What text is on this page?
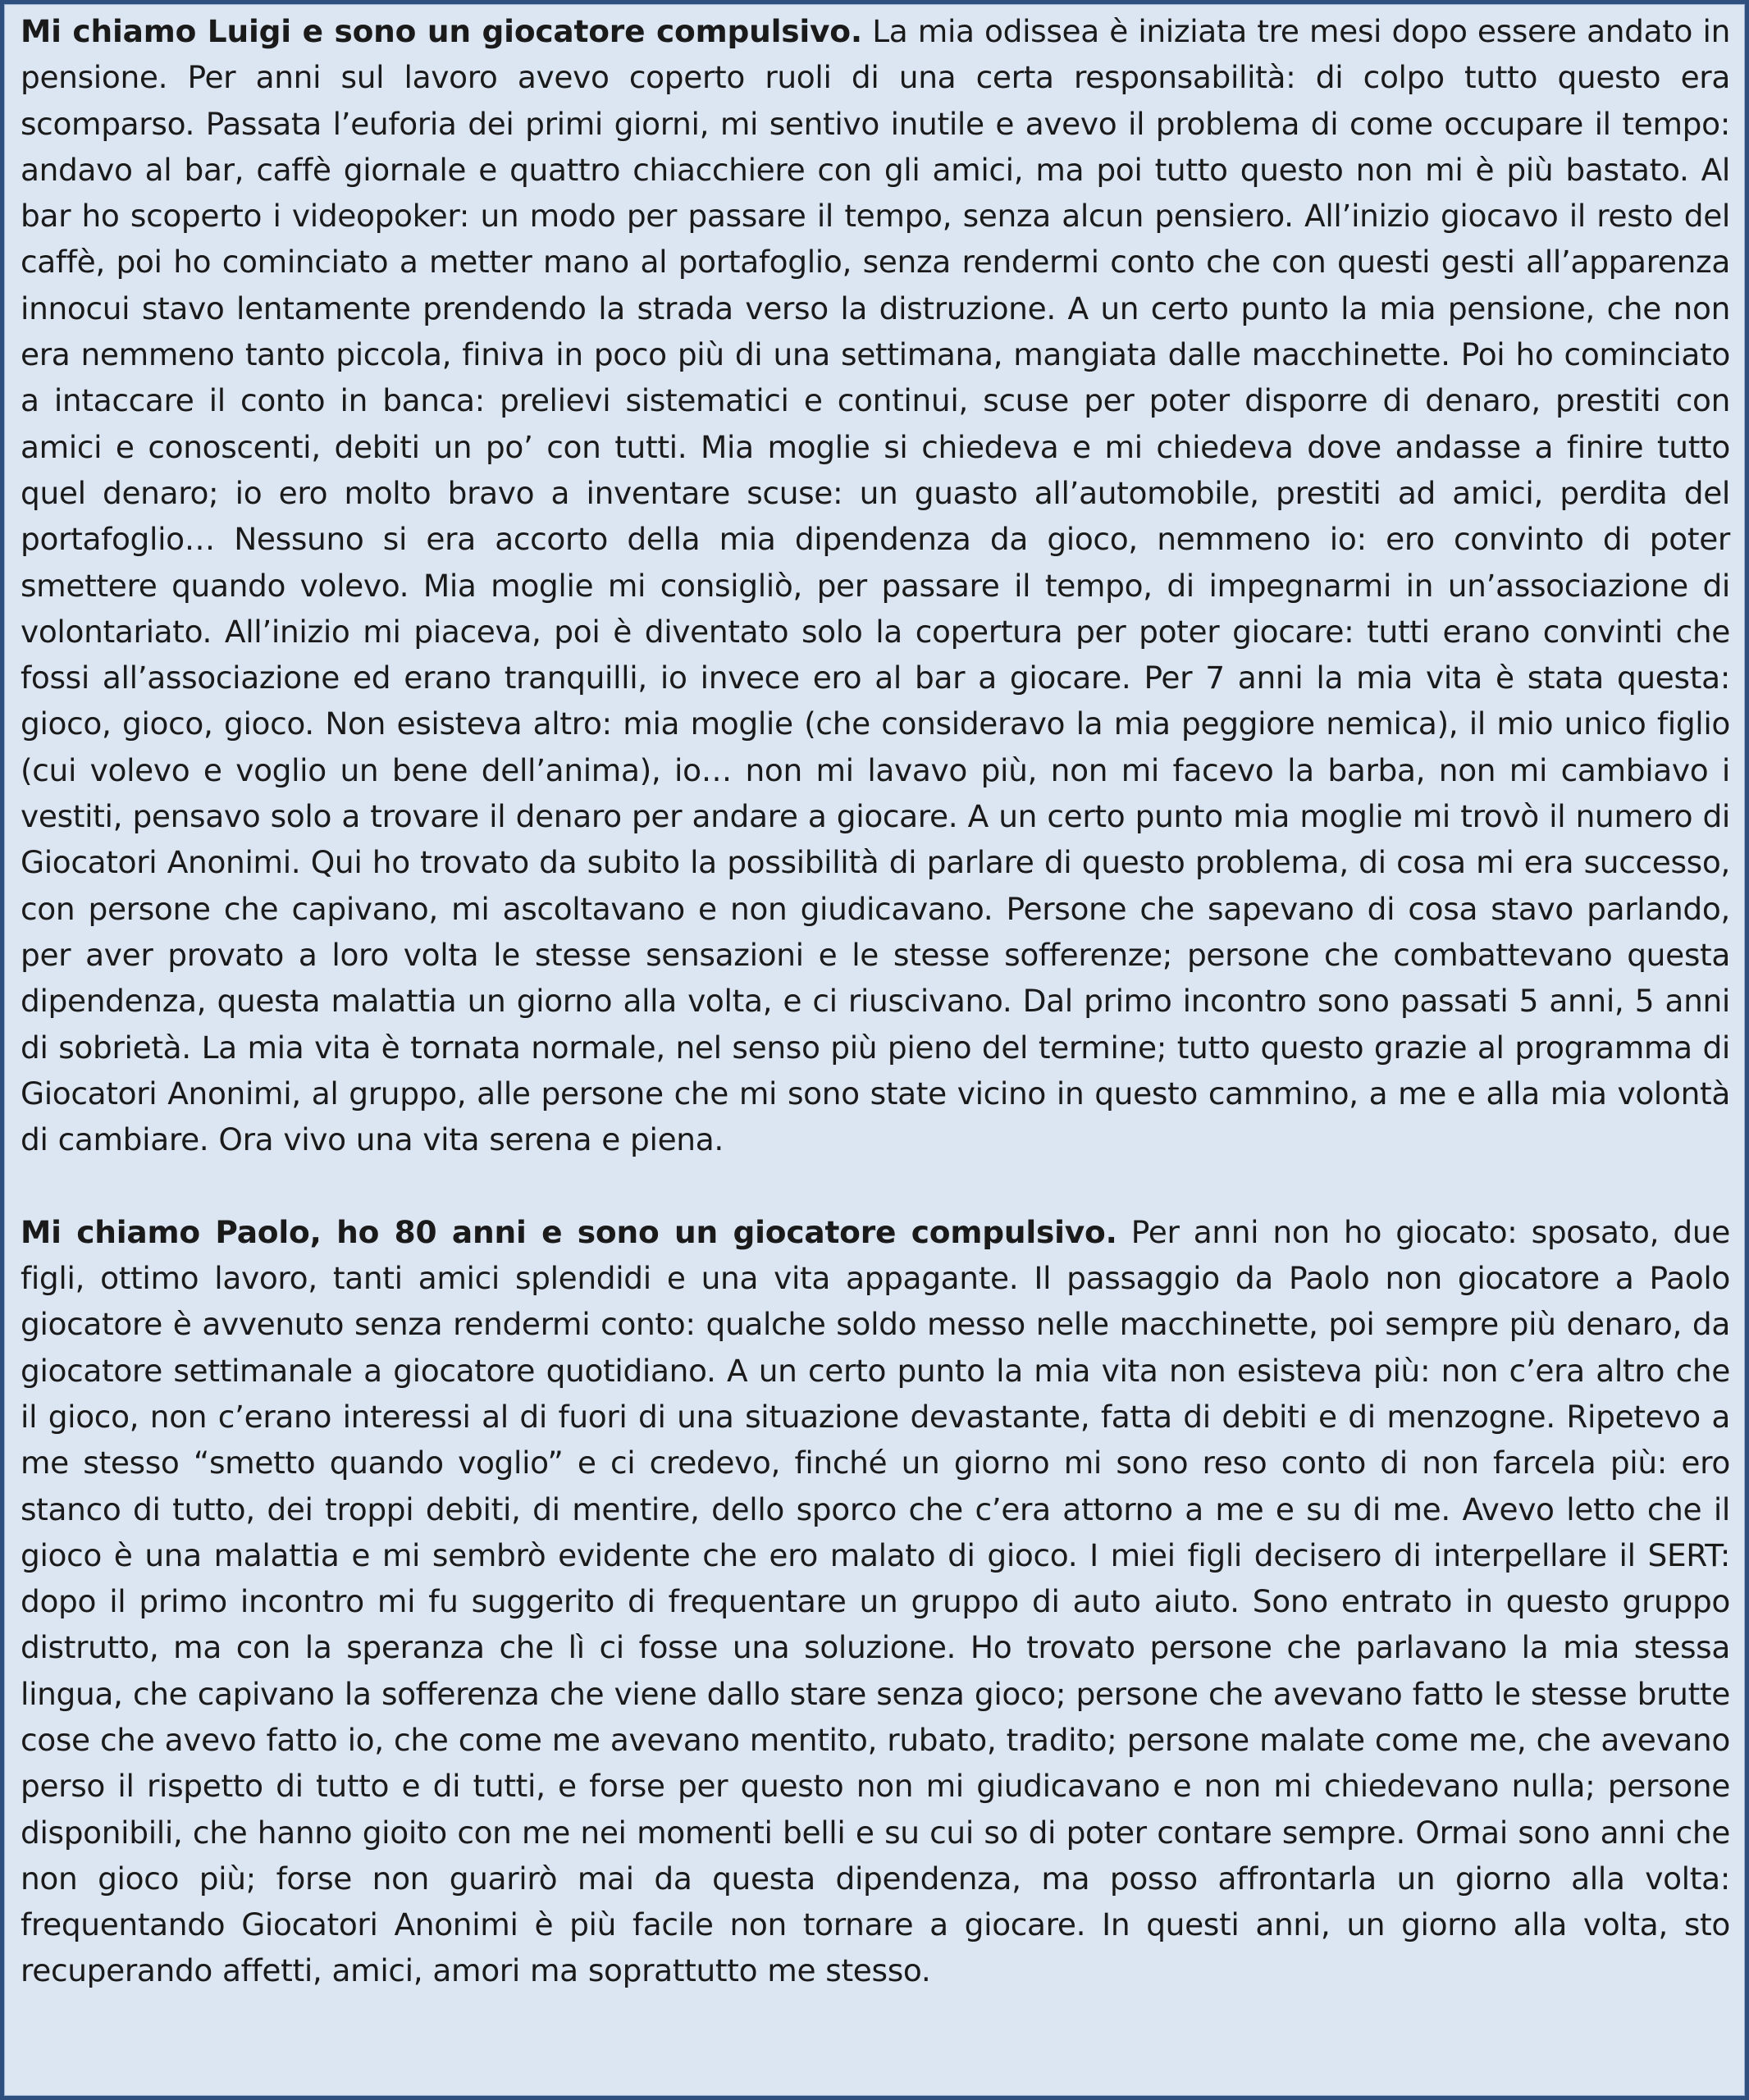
Mi chiamo Luigi e sono un giocatore compulsivo. La mia odissea è iniziata tre mesi dopo essere andato in pensione. Per anni sul lavoro avevo coperto ruoli di una certa responsabilità: di colpo tutto questo era scomparso. Passata l’euforia dei primi giorni, mi sentivo inutile e avevo il problema di come occupare il tempo: andavo al bar, caffè giornale e quattro chiacchiere con gli amici, ma poi tutto questo non mi è più bastato. Al bar ho scoperto i videopoker: un modo per passare il tempo, senza alcun pensiero. All’inizio giocavo il resto del caffè, poi ho cominciato a metter mano al portafoglio, senza rendermi conto che con questi gesti all’apparenza innocui stavo lentamente prendendo la strada verso la distruzione. A un certo punto la mia pensione, che non era nemmeno tanto piccola, finiva in poco più di una settimana, mangiata dalle macchinette. Poi ho cominciato a intaccare il conto in banca: prelievi sistematici e continui, scuse per poter disporre di denaro, prestiti con amici e conoscenti, debiti un po’ con tutti. Mia moglie si chiedeva e mi chiedeva dove andasse a finire tutto quel denaro; io ero molto bravo a inventare scuse: un guasto all’automobile, prestiti ad amici, perdita del portafoglio… Nessuno si era accorto della mia dipendenza da gioco, nemmeno io: ero convinto di poter smettere quando volevo. Mia moglie mi consigliò, per passare il tempo, di impegnarmi in un’associazione di volontariato. All’inizio mi piaceva, poi è diventato solo la copertura per poter giocare: tutti erano convinti che fossi all’associazione ed erano tranquilli, io invece ero al bar a giocare. Per 7 anni la mia vita è stata questa: gioco, gioco, gioco. Non esisteva altro: mia moglie (che consideravo la mia peggiore nemica), il mio unico figlio (cui volevo e voglio un bene dell’anima), io… non mi lavavo più, non mi facevo la barba, non mi cambiavo i vestiti, pensavo solo a trovare il denaro per andare a giocare. A un certo punto mia moglie mi trovò il numero di Giocatori Anonimi. Qui ho trovato da subito la possibilità di parlare di questo problema, di cosa mi era successo, con persone che capivano, mi ascoltavano e non giudicavano. Persone che sapevano di cosa stavo parlando, per aver provato a loro volta le stesse sensazioni e le stesse sofferenze; persone che combattevano questa dipendenza, questa malattia un giorno alla volta, e ci riuscivano. Dal primo incontro sono passati 5 anni, 5 anni di sobrietà. La mia vita è tornata normale, nel senso più pieno del termine; tutto questo grazie al programma di Giocatori Anonimi, al gruppo, alle persone che mi sono state vicino in questo cammino, a me e alla mia volontà di cambiare. Ora vivo una vita serena e piena.

Mi chiamo Paolo, ho 80 anni e sono un giocatore compulsivo. Per anni non ho giocato: sposato, due figli, ottimo lavoro, tanti amici splendidi e una vita appagante. Il passaggio da Paolo non giocatore a Paolo giocatore è avvenuto senza rendermi conto: qualche soldo messo nelle macchinette, poi sempre più denaro, da giocatore settimanale a giocatore quotidiano. A un certo punto la mia vita non esisteva più: non c’era altro che il gioco, non c’erano interessi al di fuori di una situazione devastante, fatta di debiti e di menzogne. Ripetevo a me stesso “smetto quando voglio” e ci credevo, finché un giorno mi sono reso conto di non farcela più: ero stanco di tutto, dei troppi debiti, di mentire, dello sporco che c’era attorno a me e su di me. Avevo letto che il gioco è una malattia e mi sembrò evidente che ero malato di gioco. I miei figli decisero di interpellare il SERT: dopo il primo incontro mi fu suggerito di frequentare un gruppo di auto aiuto. Sono entrato in questo gruppo distrutto, ma con la speranza che lì ci fosse una soluzione. Ho trovato persone che parlavano la mia stessa lingua, che capivano la sofferenza che viene dallo stare senza gioco; persone che avevano fatto le stesse brutte cose che avevo fatto io, che come me avevano mentito, rubato, tradito; persone malate come me, che avevano perso il rispetto di tutto e di tutti, e forse per questo non mi giudicavano e non mi chiedevano nulla; persone disponibili, che hanno gioito con me nei momenti belli e su cui so di poter contare sempre. Ormai sono anni che non gioco più; forse non guarirò mai da questa dipendenza, ma posso affrontarla un giorno alla volta: frequentando Giocatori Anonimi è più facile non tornare a giocare. In questi anni, un giorno alla volta, sto recuperando affetti, amici, amori ma soprattutto me stesso.
